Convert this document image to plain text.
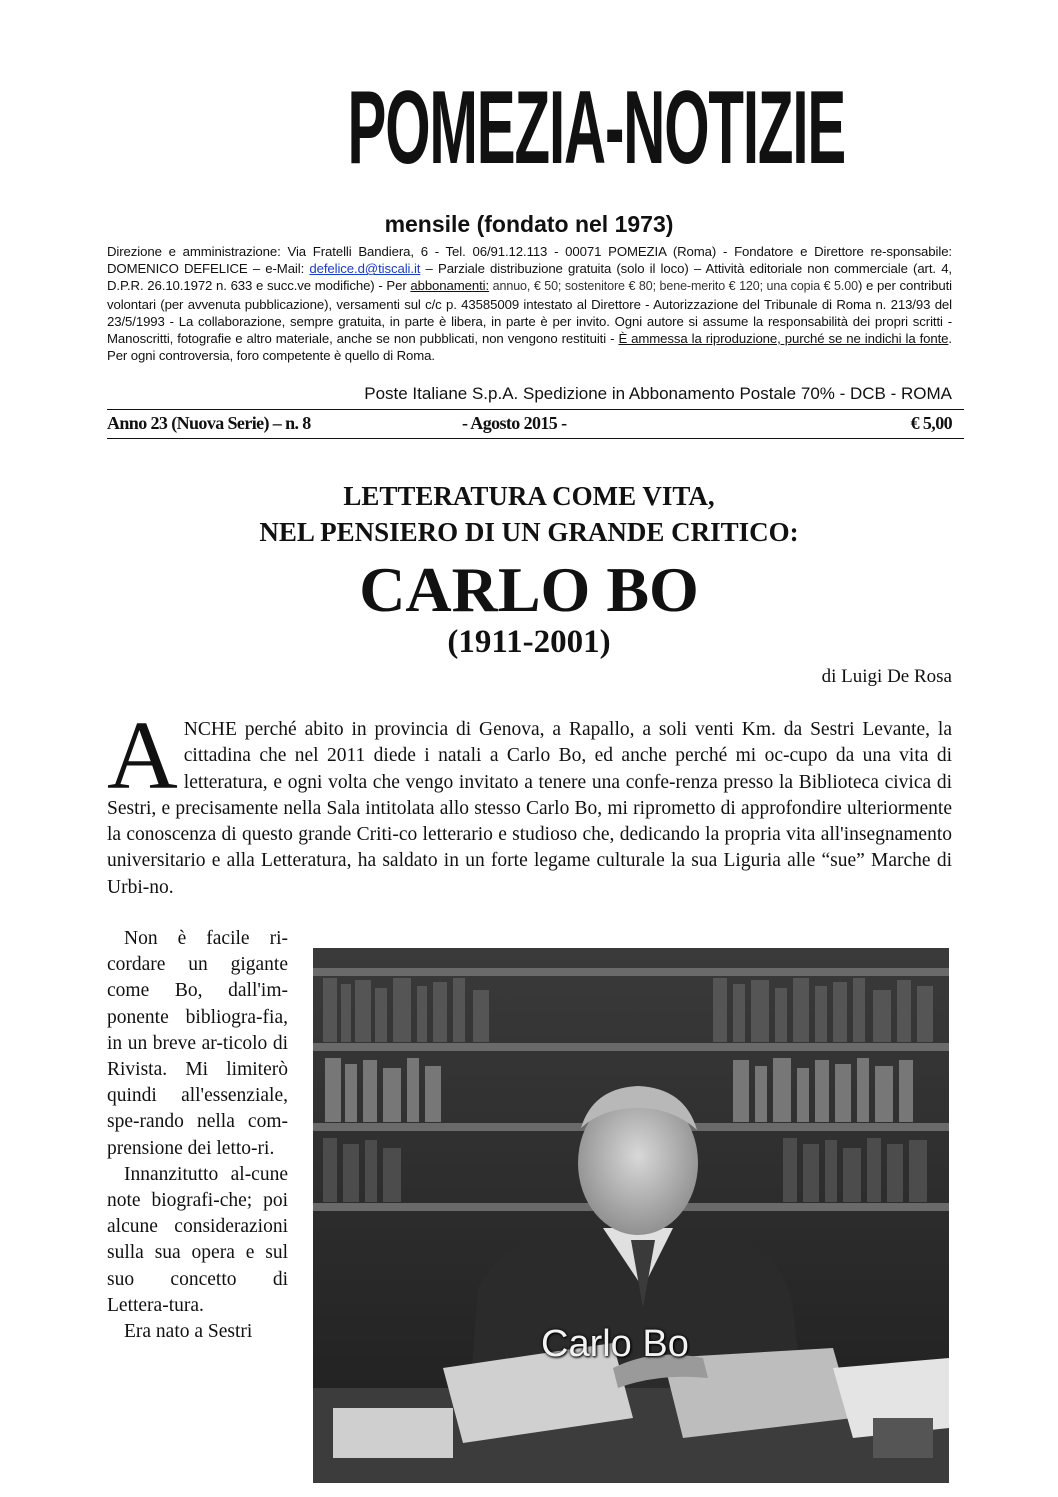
POMEZIA-NOTIZIE
mensile (fondato nel 1973)
Direzione e amministrazione: Via Fratelli Bandiera, 6 - Tel. 06/91.12.113 - 00071 POMEZIA (Roma) - Fondatore e Direttore re-sponsabile: DOMENICO DEFELICE – e-Mail: defelice.d@tiscali.it – Parziale distribuzione gratuita (solo il loco) – Attività editoriale non commerciale (art. 4, D.P.R. 26.10.1972 n. 633 e succ.ve modifiche) - Per abbonamenti: annuo, € 50; sostenitore € 80; bene-merito € 120; una copia € 5.00) e per contributi volontari (per avvenuta pubblicazione), versamenti sul c/c p. 43585009 intestato al Direttore - Autorizzazione del Tribunale di Roma n. 213/93 del 23/5/1993 - La collaborazione, sempre gratuita, in parte è libera, in parte è per invito. Ogni autore si assume la responsabilità dei propri scritti - Manoscritti, fotografie e altro materiale, anche se non pubblicati, non vengono restituiti - È ammessa la riproduzione, purché se ne indichi la fonte. Per ogni controversia, foro competente è quello di Roma.
Poste Italiane S.p.A. Spedizione in Abbonamento Postale 70% - DCB - ROMA
Anno 23 (Nuova Serie) – n. 8	- Agosto 2015 -	€ 5,00
LETTERATURA COME VITA,
NEL PENSIERO DI UN GRANDE CRITICO:
CARLO BO
(1911-2001)
di Luigi De Rosa
ANCHE perché abito in provincia di Genova, a Rapallo, a soli venti Km. da Sestri Levante, la cittadina che nel 2011 diede i natali a Carlo Bo, ed anche perché mi oc-cupo da una vita di letteratura, e ogni volta che vengo invitato a tenere una confe-renza presso la Biblioteca civica di Sestri, e precisamente nella Sala intitolata allo stesso Carlo Bo, mi riprometto di approfondire ulteriormente la conoscenza di questo grande Criti-co letterario e studioso che, dedicando la propria vita all'insegnamento universitario e alla Letteratura, ha saldato in un forte legame culturale la sua Liguria alle “sue” Marche di Urbi-no.

Non è facile ri-cordare un gigante come Bo, dall'im-ponente bibliogra-fia, in un breve ar-ticolo di Rivista. Mi limiterò quindi all'essenziale, spe-rando nella com-prensione dei letto-ri.

Innanzitutto al-cune note biografi-che; poi alcune considerazioni sulla sua opera e sul suo concetto di Lettera-tura.

Era nato a Sestri	Carlo Bo
